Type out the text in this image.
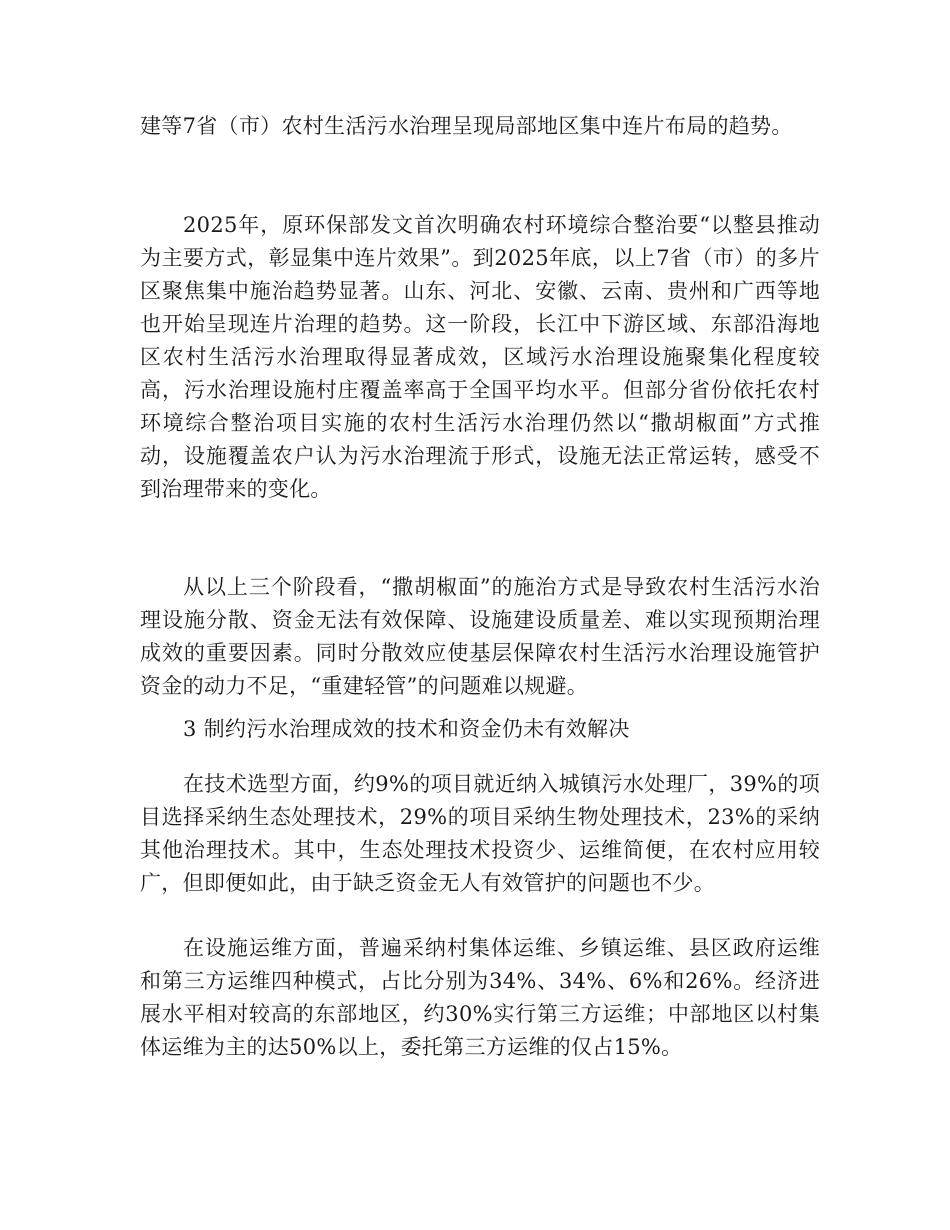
建等7省（市）农村生活污水治理呈现局部地区集中连片布局的趋势。

2025年，原环保部发文首次明确农村环境综合整治要“以整县推动为主要方式，彰显集中连片效果”。到2025年底，以上7省（市）的多片区聚焦集中施治趋势显著。山东、河北、安徽、云南、贵州和广西等地也开始呈现连片治理的趋势。这一阶段，长江中下游区域、东部沿海地区农村生活污水治理取得显著成效，区域污水治理设施聚集化程度较高，污水治理设施村庄覆盖率高于全国平均水平。但部分省份依托农村环境综合整治项目实施的农村生活污水治理仍然以“撒胡椒面”方式推动，设施覆盖农户认为污水治理流于形式，设施无法正常运转，感受不到治理带来的变化。

从以上三个阶段看，“撒胡椒面”的施治方式是导致农村生活污水治理设施分散、资金无法有效保障、设施建设质量差、难以实现预期治理成效的重要因素。同时分散效应使基层保障农村生活污水治理设施管护资金的动力不足，“重建轻管”的问题难以规避。

3 制约污水治理成效的技术和资金仍未有效解决

在技术选型方面，约9%的项目就近纳入城镇污水处理厂，39%的项目选择采纳生态处理技术，29%的项目采纳生物处理技术，23%的采纳其他治理技术。其中，生态处理技术投资少、运维简便，在农村应用较广，但即便如此，由于缺乏资金无人有效管护的问题也不少。

在设施运维方面，普遍采纳村集体运维、乡镇运维、县区政府运维和第三方运维四种模式，占比分别为34%、34%、6%和26%。经济进展水平相对较高的东部地区，约30%实行第三方运维；中部地区以村集体运维为主的达50%以上，委托第三方运维的仅占15%。
